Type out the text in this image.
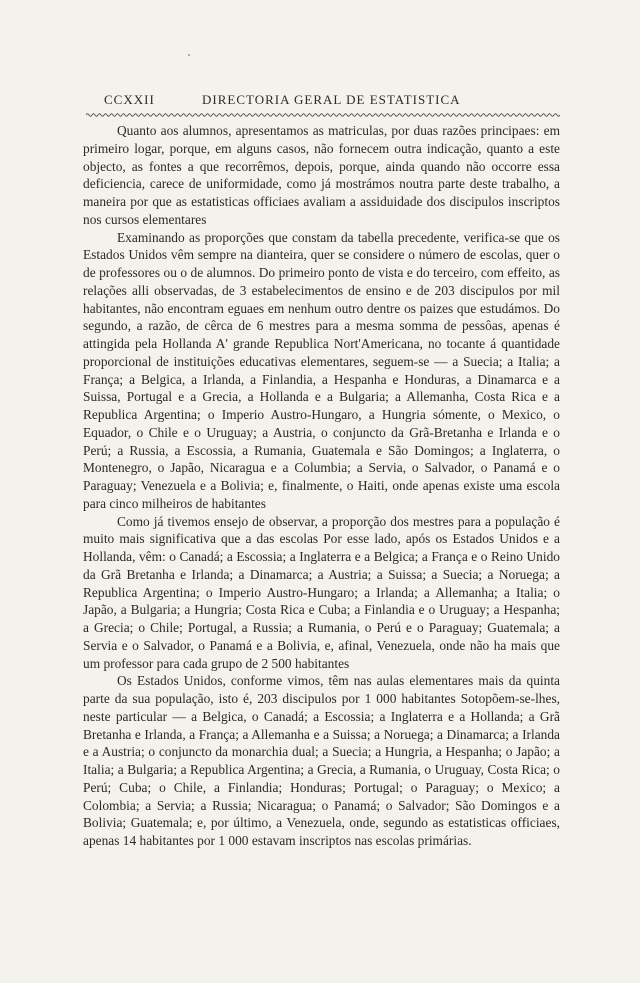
CCXXII	DIRECTORIA GERAL DE ESTATISTICA

Quanto aos alumnos, apresentamos as matriculas, por duas razões principaes: em primeiro logar, porque, em alguns casos, não fornecem outra indicação, quanto a este objecto, as fontes a que recorrêmos, depois, porque, ainda quando não occorre essa deficiencia, carece de uniformidade, como já mostrámos noutra parte deste trabalho, a maneira por que as estatisticas officiaes avaliam a assiduidade dos discipulos inscriptos nos cursos elementares

Examinando as proporções que constam da tabella precedente, verifica-se que os Estados Unidos vêm sempre na dianteira, quer se considere o número de escolas, quer o de professores ou o de alumnos. Do primeiro ponto de vista e do terceiro, com effeito, as relações alli observadas, de 3 estabelecimentos de ensino e de 203 discipulos por mil habitantes, não encontram eguaes em nenhum outro dentre os paizes que estudámos. Do segundo, a razão, de cêrca de 6 mestres para a mesma somma de pessôas, apenas é attingida pela Hollanda A' grande Republica Nort'Americana, no tocante á quantidade proporcional de instituições educativas elementares, seguem-se — a Suecia; a Italia; a França; a Belgica, a Irlanda, a Finlandia, a Hespanha e Honduras, a Dinamarca e a Suissa, Portugal e a Grecia, a Hollanda e a Bulgaria; a Allemanha, Costa Rica e a Republica Argentina; o Imperio Austro-Hungaro, a Hungria sómente, o Mexico, o Equador, o Chile e o Uruguay; a Austria, o conjuncto da Grã-Bretanha e Irlanda e o Perú; a Russia, a Escossia, a Rumania, Guatemala e São Domingos; a Inglaterra, o Montenegro, o Japão, Nicaragua e a Columbia; a Servia, o Salvador, o Panamá e o Paraguay; Venezuela e a Bolivia; e, finalmente, o Haiti, onde apenas existe uma escola para cinco milheiros de habitantes

Como já tivemos ensejo de observar, a proporção dos mestres para a população é muito mais significativa que a das escolas Por esse lado, após os Estados Unidos e a Hollanda, vêm: o Canadá; a Escossia; a Inglaterra e a Belgica; a França e o Reino Unido da Grã Bretanha e Irlanda; a Dinamarca; a Austria; a Suissa; a Suecia; a Noruega; a Republica Argentina; o Imperio Austro-Hungaro; a Irlanda; a Allemanha; a Italia; o Japão, a Bulgaria; a Hungria; Costa Rica e Cuba; a Finlandia e o Uruguay; a Hespanha; a Grecia; o Chile; Portugal, a Russia; a Rumania, o Perú e o Paraguay; Guatemala; a Servia e o Salvador, o Panamá e a Bolivia, e, afinal, Venezuela, onde não ha mais que um professor para cada grupo de 2 500 habitantes

Os Estados Unidos, conforme vimos, têm nas aulas elementares mais da quinta parte da sua população, isto é, 203 discipulos por 1 000 habitantes Sotopõem-se-lhes, neste particular — a Belgica, o Canadá; a Escossia; a Inglaterra e a Hollanda; a Grã Bretanha e Irlanda, a França; a Allemanha e a Suissa; a Noruega; a Dinamarca; a Irlanda e a Austria; o conjuncto da monarchia dual; a Suecia; a Hungria, a Hespanha; o Japão; a Italia; a Bulgaria; a Republica Argentina; a Grecia, a Rumania, o Uruguay, Costa Rica; o Perú; Cuba; o Chile, a Finlandia; Honduras; Portugal; o Paraguay; o Mexico; a Colombia; a Servia; a Russia; Nicaragua; o Panamá; o Salvador; São Domingos e a Bolivia; Guatemala; e, por último, a Venezuela, onde, segundo as estatisticas officiaes, apenas 14 habitantes por 1 000 estavam inscriptos nas escolas primárias.
